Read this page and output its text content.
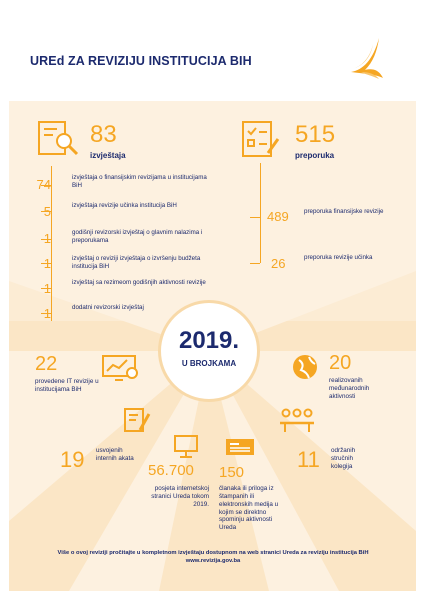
UREd ZA REVIZIJU INSTITUCIJA BIH
83
izvještaja
74	izvještaja o finansijskim revizijama u institucijama BiH
5	izvještaja revizije učinka institucija BiH
1	godišnji revizorski izvještaj o glavnim nalazima i preporukama
1	izvještaj o reviziji izvještaja o izvršenju budžeta institucija BiH
1	izvještaj sa rezimeom godišnjih aktivnosti revizije
1	dodatni revizorski izvještaj
515
preporuka
489	preporuka finansijske revizije
26	preporuka revizije učinka
2019.
U BROJKAMA
22
provedene IT revizije u institucijama BiH
20
realizovanih međunarodnih aktivnosti
19 usvojenih internih akata
56.700
posjeta internetskoj stranici Ureda tokom 2019.
150
članaka ili priloga iz štampanih ili elektronskih medija u kojim se direktno spominju aktivnosti Ureda
11 održanih stručnih kolegija
Više o ovoj reviziji pročitajte u kompletnom izvještaju dostupnom na web stranici Ureda za reviziju institucija BiH
www.revizija.gov.ba
